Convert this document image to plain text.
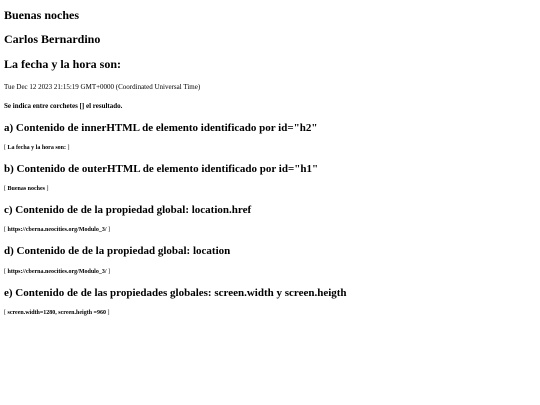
Buenas noches
Carlos Bernardino
La fecha y la hora son:
Tue Dec 12 2023 21:15:19 GMT+0000 (Coordinated Universal Time)
Se indica entre corchetes [] el resultado.
a) Contenido de innerHTML de elemento identificado por id="h2"
[ La fecha y la hora son: ]
b) Contenido de outerHTML de elemento identificado por id="h1"
[ Buenas noches ]
c) Contenido de de la propiedad global: location.href
[ https://cberna.neocities.org/Modulo_3/ ]
d) Contenido de de la propiedad global: location
[ https://cberna.neocities.org/Modulo_3/ ]
e) Contenido de de las propiedades globales: screen.width y screen.heigth
[ screen.width=1280, screen.heigth =960 ]
